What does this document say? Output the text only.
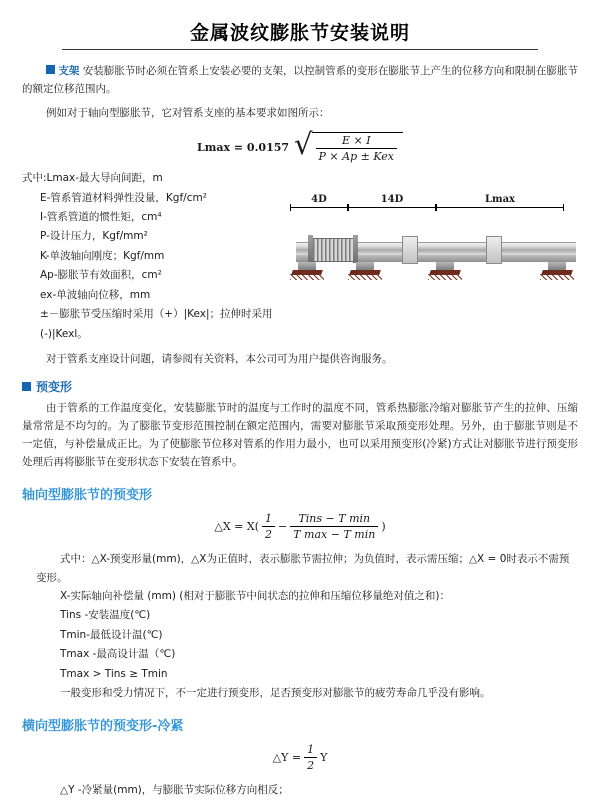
金属波纹膨胀节安装说明
支架 安装膨胀节时必须在管系上安装必要的支架，以控制管系的变形在膨胀节上产生的位移方向和限制在膨胀节的额定位移范围内。
例如对于轴向型膨胀节，它对管系支座的基本要求如图所示：
Lmax = 0.0157 √ $\frac{E \times I}{\text{P × Ap ± Kex}}$
式中:Lmax-最大导向间距，m
E-管系管道材料弹性没量，Kgf/cm²
I-管系管道的惯性矩，cm⁴
P-设计压力，Kgf/mm²
K-单波轴向刚度；Kgf/mm
Ap-膨胀节有效面积，cm²
ex-单波轴向位移，mm
±－膨胀节受压缩时采用（+）|Kex|；拉伸时采用(-)|Kexl。
对于管系支座设计问题，请参阅有关资料，本公司可为用户提供咨询服务。
4D	14D	Lmax
预变形
由于管系的工作温度变化，安装膨胀节时的温度与工作时的温度不同，管系热膨胀冷缩对膨胀节产生的拉伸、压缩量常常是不均匀的。为了膨胀节变形范围控制在额定范围内，需要对膨胀节采取预变形处理。另外，由于膨胀节则是不一定值，与补偿量成正比。为了使膨胀节位移对管系的作用力最小，也可以采用预变形(冷紧)方式让对膨胀节进行预变形处理后再将膨胀节在变形状态下安装在管系中。
轴向型膨胀节的预变形
△X = $X( \frac{1}{2} - \frac{\text{Tins − T min}}{\text{T max − T min}}$ )
式中：△X-预变形量(mm)，△X为正值时，表示膨胀节需拉伸；为负值时，表示需压缩；△X = 0时表示不需预变形。
X-实际轴向补偿量 (mm) (相对于膨胀节中间状态的拉伸和压缩位移量绝对值之和)：
Tins -安装温度(℃)
Tmin-最低设计温(℃)
Tmax -最高设计温（℃)
Tmax > Tins ≥ Tmin
一般变形和受力情况下，不一定进行预变形，足否预变形对膨胀节的疲劳寿命几乎没有影响。
横向型膨胀节的预变形-冷紧
△Y = $\frac{1}{2}$ Y
△Y -冷紧量(mm)，与膨胀节实际位移方向相反；
